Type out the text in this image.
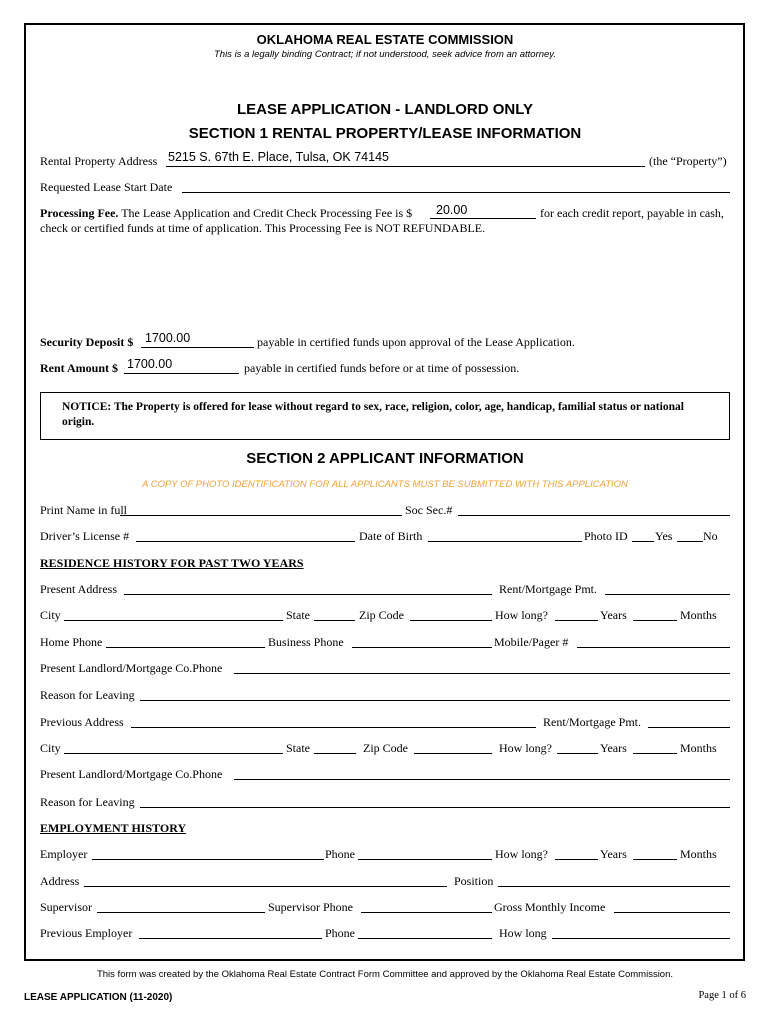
OKLAHOMA REAL ESTATE COMMISSION
This is a legally binding Contract; if not understood, seek advice from an attorney.
LEASE APPLICATION - LANDLORD ONLY
SECTION 1 RENTAL PROPERTY/LEASE INFORMATION
Rental Property Address 5215 S. 67th E. Place, Tulsa, OK 74145	(the “Property”)
Requested Lease Start Date
Processing Fee. The Lease Application and Credit Check Processing Fee is $ 20.00	for each credit report, payable in cash,
check or certified funds at time of application. This Processing Fee is NOT REFUNDABLE.
Security Deposit $ 1700.00	payable in certified funds upon approval of the Lease Application.
Rent Amount $ 1700.00	payable in certified funds before or at time of possession.
NOTICE: The Property is offered for lease without regard to sex, race, religion, color, age, handicap, familial status or national origin.
SECTION 2 APPLICANT INFORMATION
A COPY OF PHOTO IDENTIFICATION FOR ALL APPLICANTS MUST BE SUBMITTED WITH THIS APPLICATION
Print Name in full	Soc Sec.#
Driver’s License #	Date of Birth	Photo ID Yes	No
RESIDENCE HISTORY FOR PAST TWO YEARS
Present Address	Rent/Mortgage Pmt.
City	State	Zip Code	How long?	Years	Months
Home Phone	Business Phone	Mobile/Pager #
Present Landlord/Mortgage Co.Phone
Reason for Leaving
Previous Address	Rent/Mortgage Pmt.
City	State	Zip Code	How long?	Years	Months
Present Landlord/Mortgage Co.Phone
Reason for Leaving
EMPLOYMENT HISTORY
Employer	Phone	How long?	Years	Months
Address	Position
Supervisor	Supervisor Phone	Gross Monthly Income
Previous Employer	Phone	How long
This form was created by the Oklahoma Real Estate Contract Form Committee and approved by the Oklahoma Real Estate Commission.
LEASE APPLICATION (11-2020)	Page 1 of 6
